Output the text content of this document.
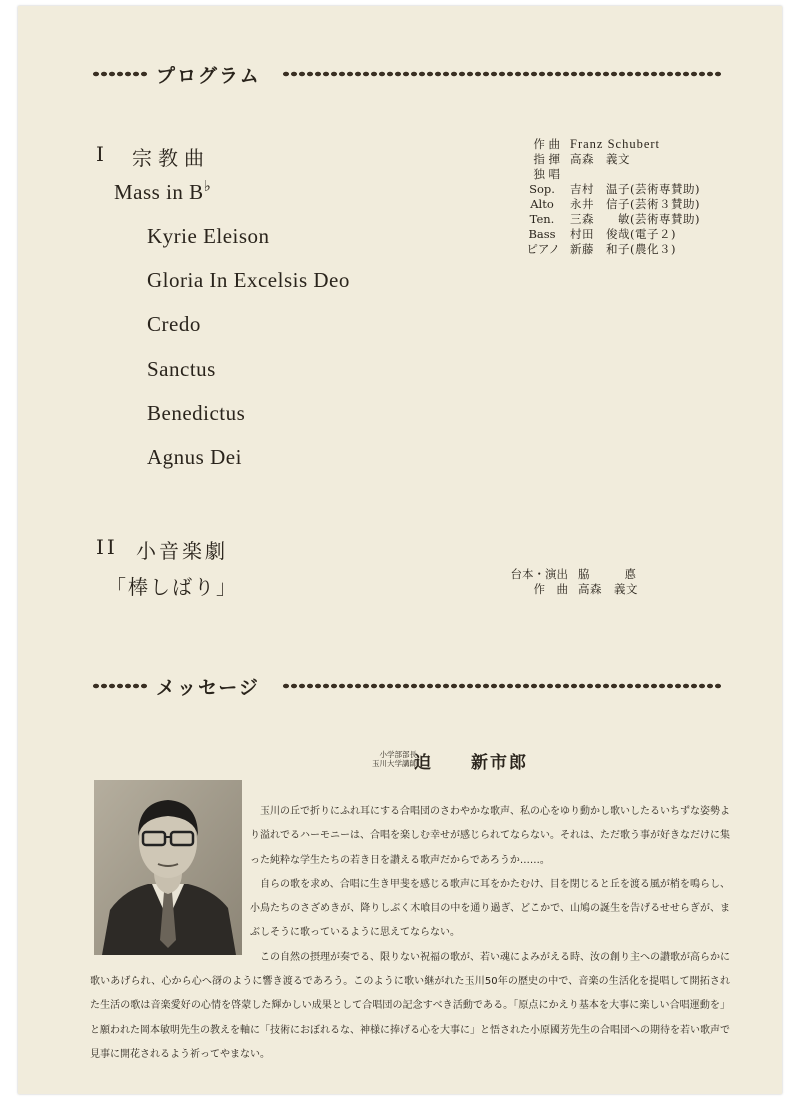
プログラム
I 宗教曲
Mass in B♭
Kyrie Eleison
Gloria In Excelsis Deo
Credo
Sanctus
Benedictus
Agnus Dei
作 曲 Franz Schubert
指 揮 高森　義文
独 唱
Sop.	吉村　温子(芸術専賛助)
Alto	永井　信子(芸術３賛助)
Ten.	三森　　敏(芸術専賛助)
Bass	村田　俊哉(電子２)
ピアノ 新藤　和子(農化３)
II 小音楽劇
「棒しばり」
台本・演出 脇　　悳
作　曲 高森　義文
メッセージ
小学部部長
玉川大学講師
迫　　新市郎

玉川の丘で折りにふれ耳にする合唱団のさわやかな歌声、私の心をゆり動かし歌いしたるいちずな姿勢より溢れでるハーモニーは、合唱を楽しむ幸せが感じられてならない。それは、ただ歌う事が好きなだけに集った純粋な学生たちの若き日を讃える歌声だからであろうか……。

自らの歌を求め、合唱に生き甲斐を感じる歌声に耳をかたむけ、目を閉じると丘を渡る風が梢を鳴らし、小鳥たちのさざめきが、降りしぶく木喰目の中を通り過ぎ、どこかで、山鳩の誕生を告げるせせらぎが、まぶしそうに歌っているように思えてならない。

この自然の摂理が奏でる、限りない祝福の歌が、若い魂によみがえる時、汝の創り主への讃歌が高らかに歌いあげられ、心から心へ谺のように響き渡るであろう。このように歌い継がれた玉川50年の歴史の中で、音楽の生活化を提唱して開拓された生活の歌は音楽愛好の心情を啓蒙した輝かしい成果として合唱団の記念すべき活動である。「原点にかえり基本を大事に楽しい合唱運動を」と願われた岡本敏明先生の教えを軸に「技術におぼれるな、神様に捧げる心を大事に」と悟された小原國芳先生の合唱団への期待を若い歌声で見事に開花されるよう祈ってやまない。
